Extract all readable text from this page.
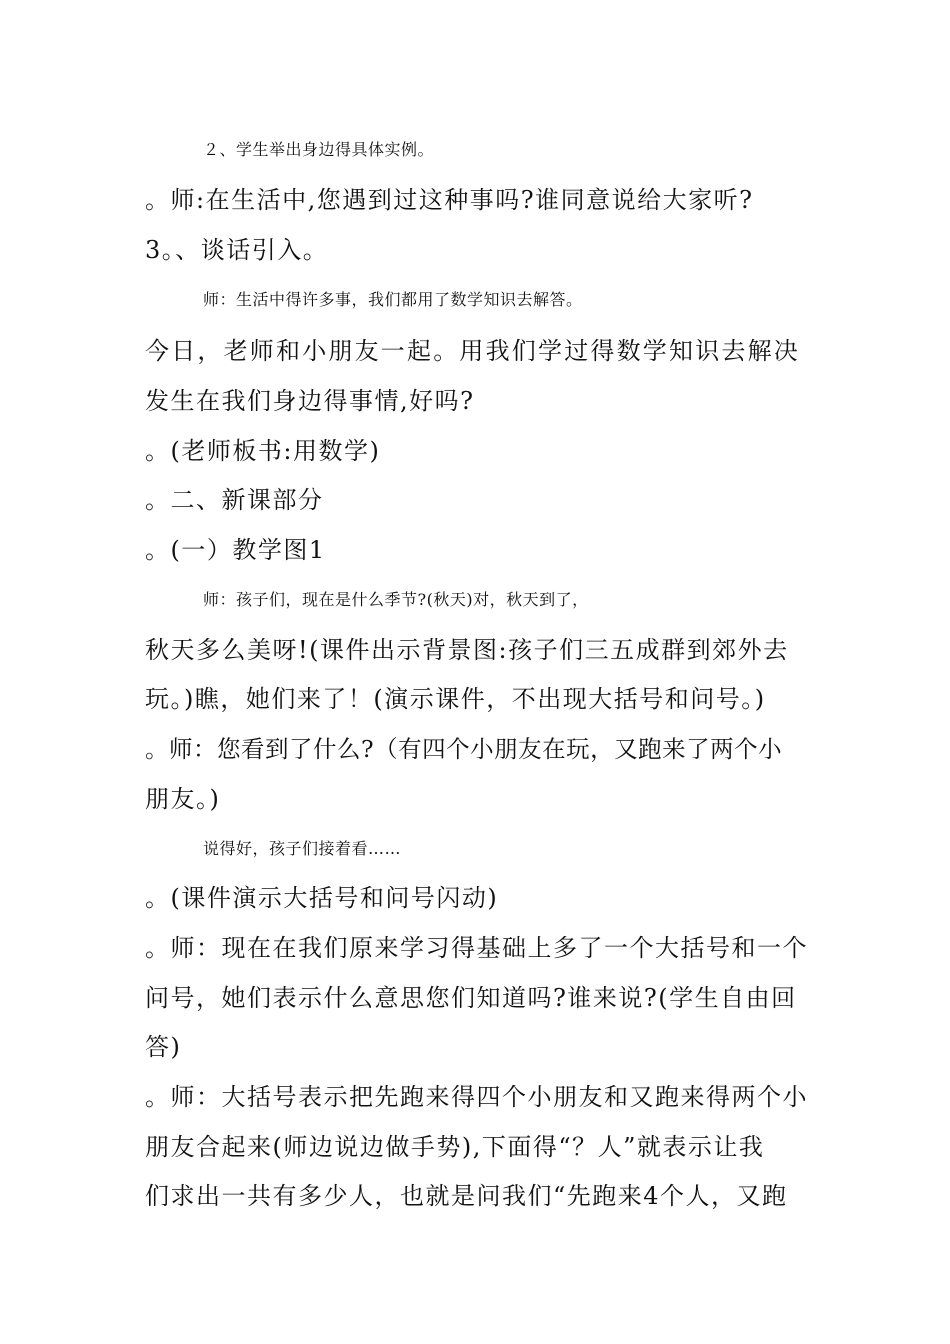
２、学生举出身边得具体实例。
。师:在生活中,您遇到过这种事吗?谁同意说给大家听?
3。、谈话引入。
师：生活中得许多事，我们都用了数学知识去解答。
今日，老师和小朋友一起。用我们学过得数学知识去解决
发生在我们身边得事情,好吗?
。(老师板书:用数学)
。二、新课部分
。(一）教学图1
师：孩子们，现在是什么季节?(秋天)对，秋天到了，
秋天多么美呀!(课件出示背景图:孩子们三五成群到郊外去
玩。)瞧，她们来了！(演示课件，不出现大括号和问号。)
。师：您看到了什么?（有四个小朋友在玩，又跑来了两个小
朋友。)
说得好，孩子们接着看……
。(课件演示大括号和问号闪动)
。师：现在在我们原来学习得基础上多了一个大括号和一个
问号，她们表示什么意思您们知道吗?谁来说?(学生自由回
答)
。师：大括号表示把先跑来得四个小朋友和又跑来得两个小
朋友合起来(师边说边做手势),下面得“？人”就表示让我
们求出一共有多少人，也就是问我们“先跑来4个人，又跑
